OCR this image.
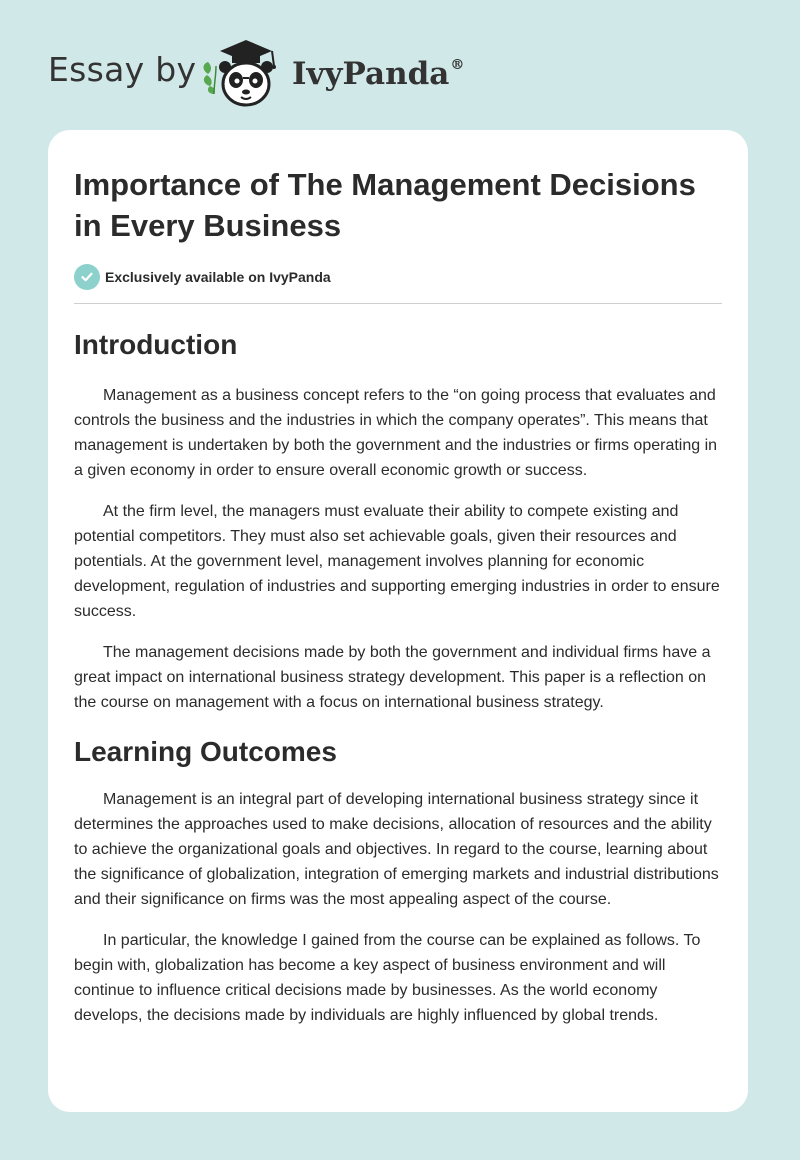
Essay by	IvyPanda®
Importance of The Management Decisions in Every Business
Exclusively available on IvyPanda
Introduction

Management as a business concept refers to the “on going process that evaluates and controls the business and the industries in which the company operates”. This means that management is undertaken by both the government and the industries or firms operating in a given economy in order to ensure overall economic growth or success.

At the firm level, the managers must evaluate their ability to compete existing and potential competitors. They must also set achievable goals, given their resources and potentials. At the government level, management involves planning for economic development, regulation of industries and supporting emerging industries in order to ensure success.

The management decisions made by both the government and individual firms have a great impact on international business strategy development. This paper is a reflection on the course on management with a focus on international business strategy.

Learning Outcomes

Management is an integral part of developing international business strategy since it determines the approaches used to make decisions, allocation of resources and the ability to achieve the organizational goals and objectives. In regard to the course, learning about the significance of globalization, integration of emerging markets and industrial distributions and their significance on firms was the most appealing aspect of the course.

In particular, the knowledge I gained from the course can be explained as follows. To begin with, globalization has become a key aspect of business environment and will continue to influence critical decisions made by businesses. As the world economy develops, the decisions made by individuals are highly influenced by global trends.
